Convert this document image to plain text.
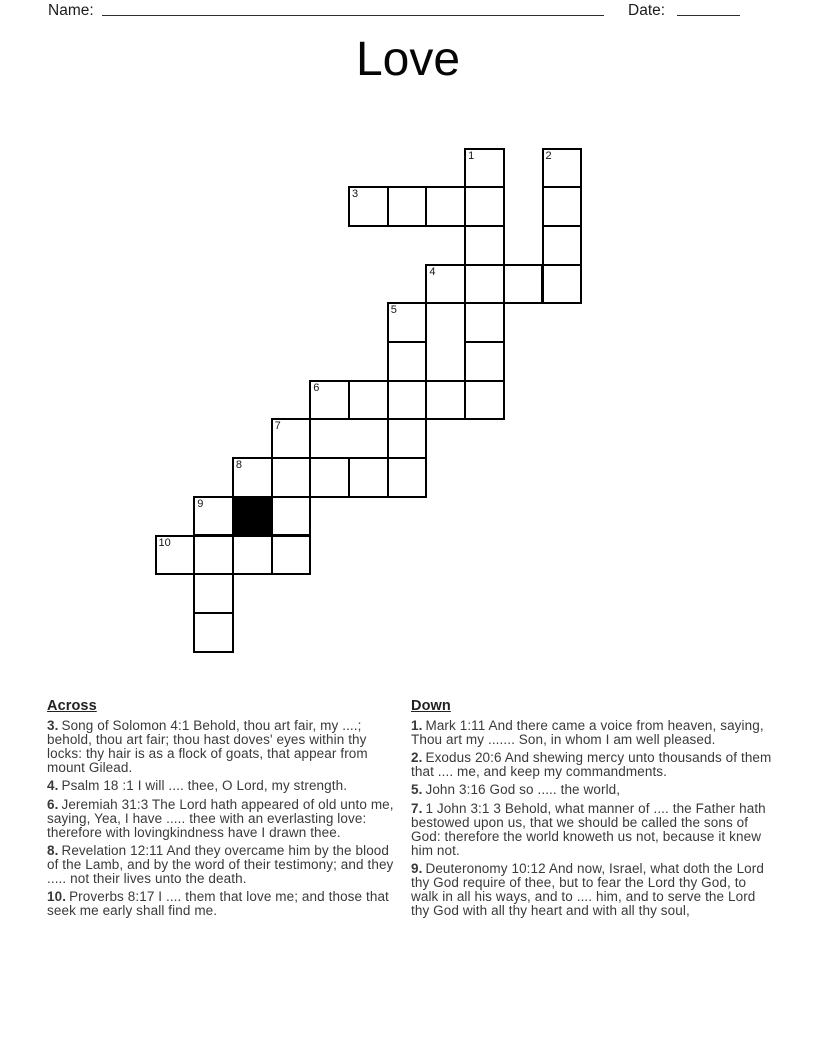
Name:	Date:
Love
1	2
3
4
5
6
7
8
9
10
Across
3. Song of Solomon 4:1 Behold, thou art fair, my ....; behold, thou art fair; thou hast doves' eyes within thy locks: thy hair is as a flock of goats, that appear from mount Gilead.
4. Psalm 18 :1 I will .... thee, O Lord, my strength.
6. Jeremiah 31:3 The Lord hath appeared of old unto me, saying, Yea, I have ..... thee with an everlasting love: therefore with lovingkindness have I drawn thee.
8. Revelation 12:11 And they overcame him by the blood of the Lamb, and by the word of their testimony; and they ..... not their lives unto the death.
10. Proverbs 8:17 I .... them that love me; and those that seek me early shall find me.
Down
1. Mark 1:11 And there came a voice from heaven, saying, Thou art my ....... Son, in whom I am well pleased.
2. Exodus 20:6 And shewing mercy unto thousands of them that .... me, and keep my commandments.
5. John 3:16 God so ..... the world,
7. 1 John 3:1 3 Behold, what manner of .... the Father hath bestowed upon us, that we should be called the sons of God: therefore the world knoweth us not, because it knew him not.
9. Deuteronomy 10:12 And now, Israel, what doth the Lord thy God require of thee, but to fear the Lord thy God, to walk in all his ways, and to .... him, and to serve the Lord thy God with all thy heart and with all thy soul,
